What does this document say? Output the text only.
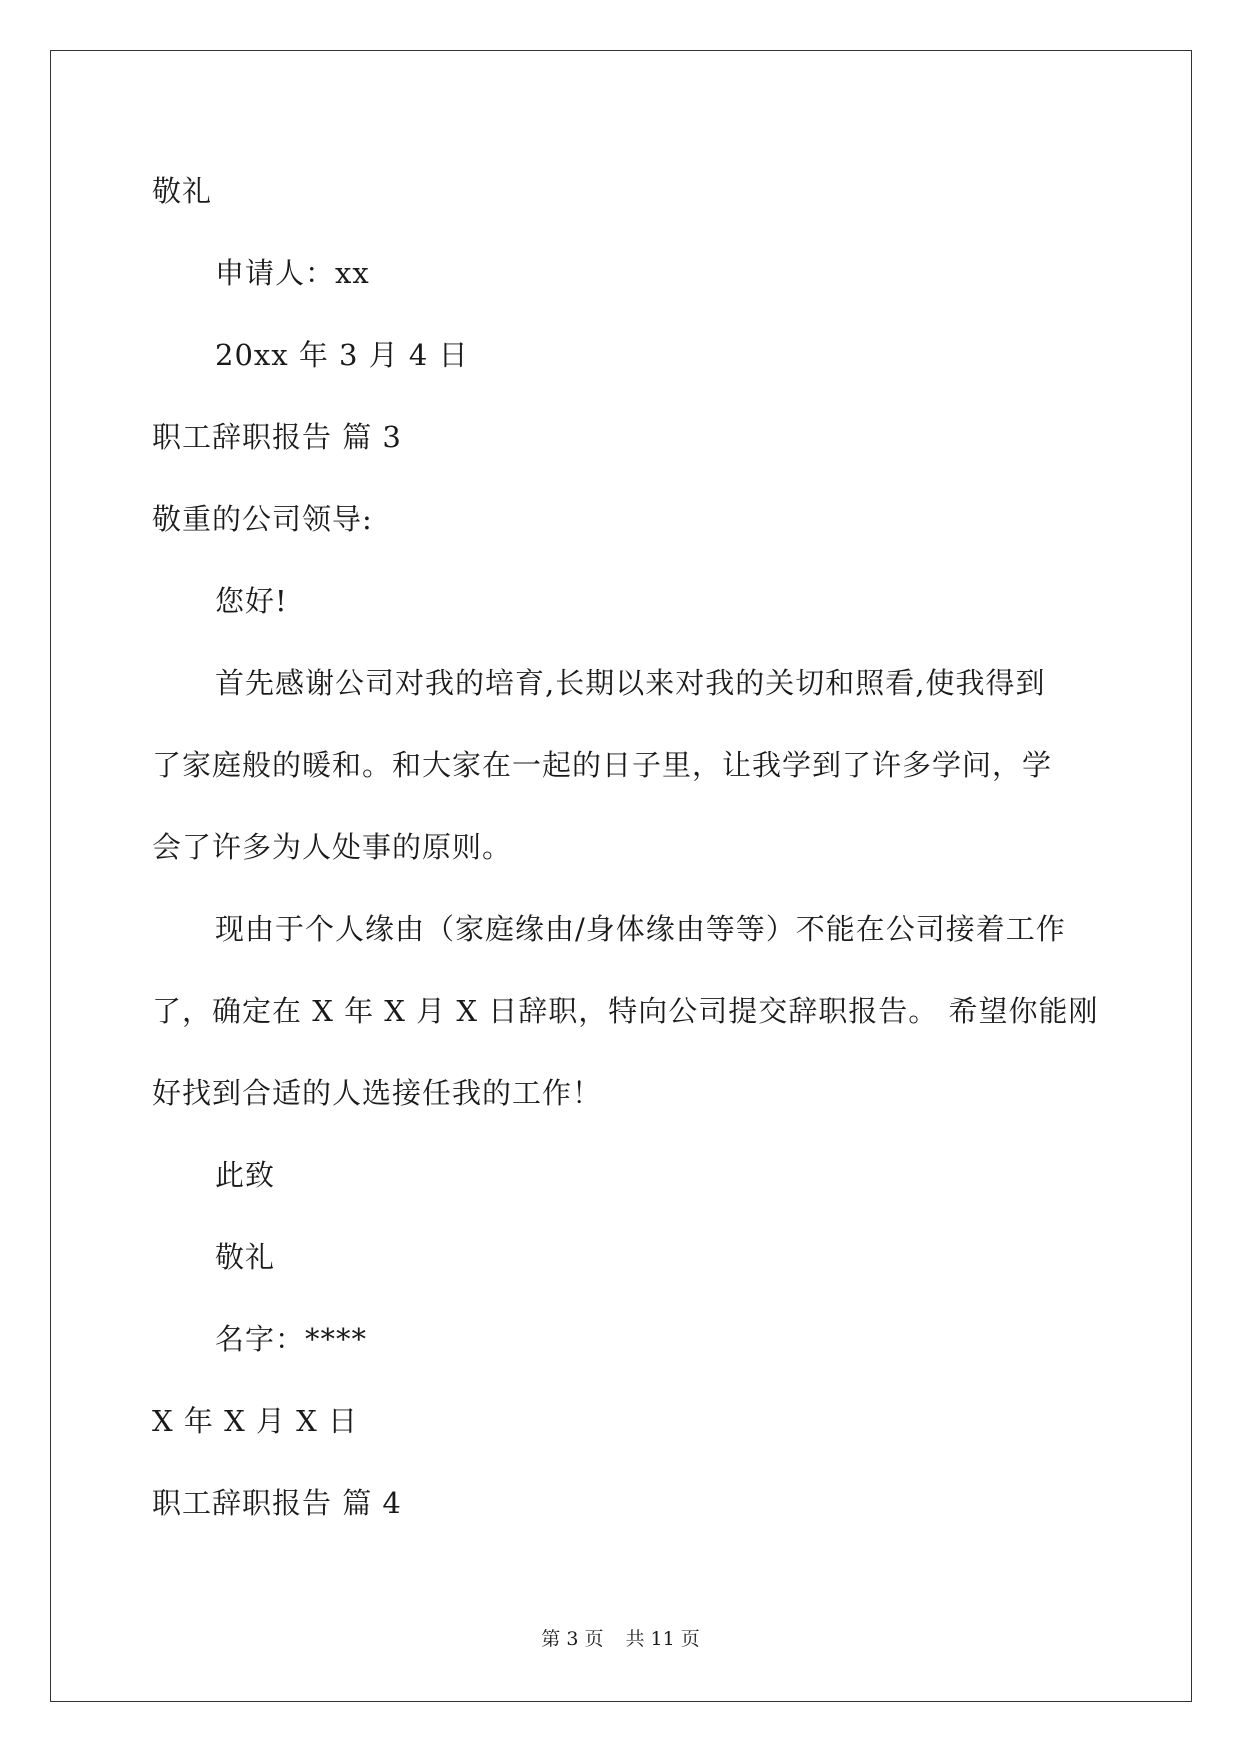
敬礼
申请人：xx
20xx 年 3 月 4 日
职工辞职报告 篇 3
敬重的公司领导:
您好!
首先感谢公司对我的培育,长期以来对我的关切和照看,使我得到
了家庭般的暖和。和大家在一起的日子里，让我学到了许多学问，学
会了许多为人处事的原则。
现由于个人缘由（家庭缘由/身体缘由等等）不能在公司接着工作
了，确定在 X 年 X 月 X 日辞职，特向公司提交辞职报告。 希望你能刚
好找到合适的人选接任我的工作！
此致
敬礼
名字：****
X 年 X 月 X 日
职工辞职报告 篇 4
第 3 页 共 11 页
